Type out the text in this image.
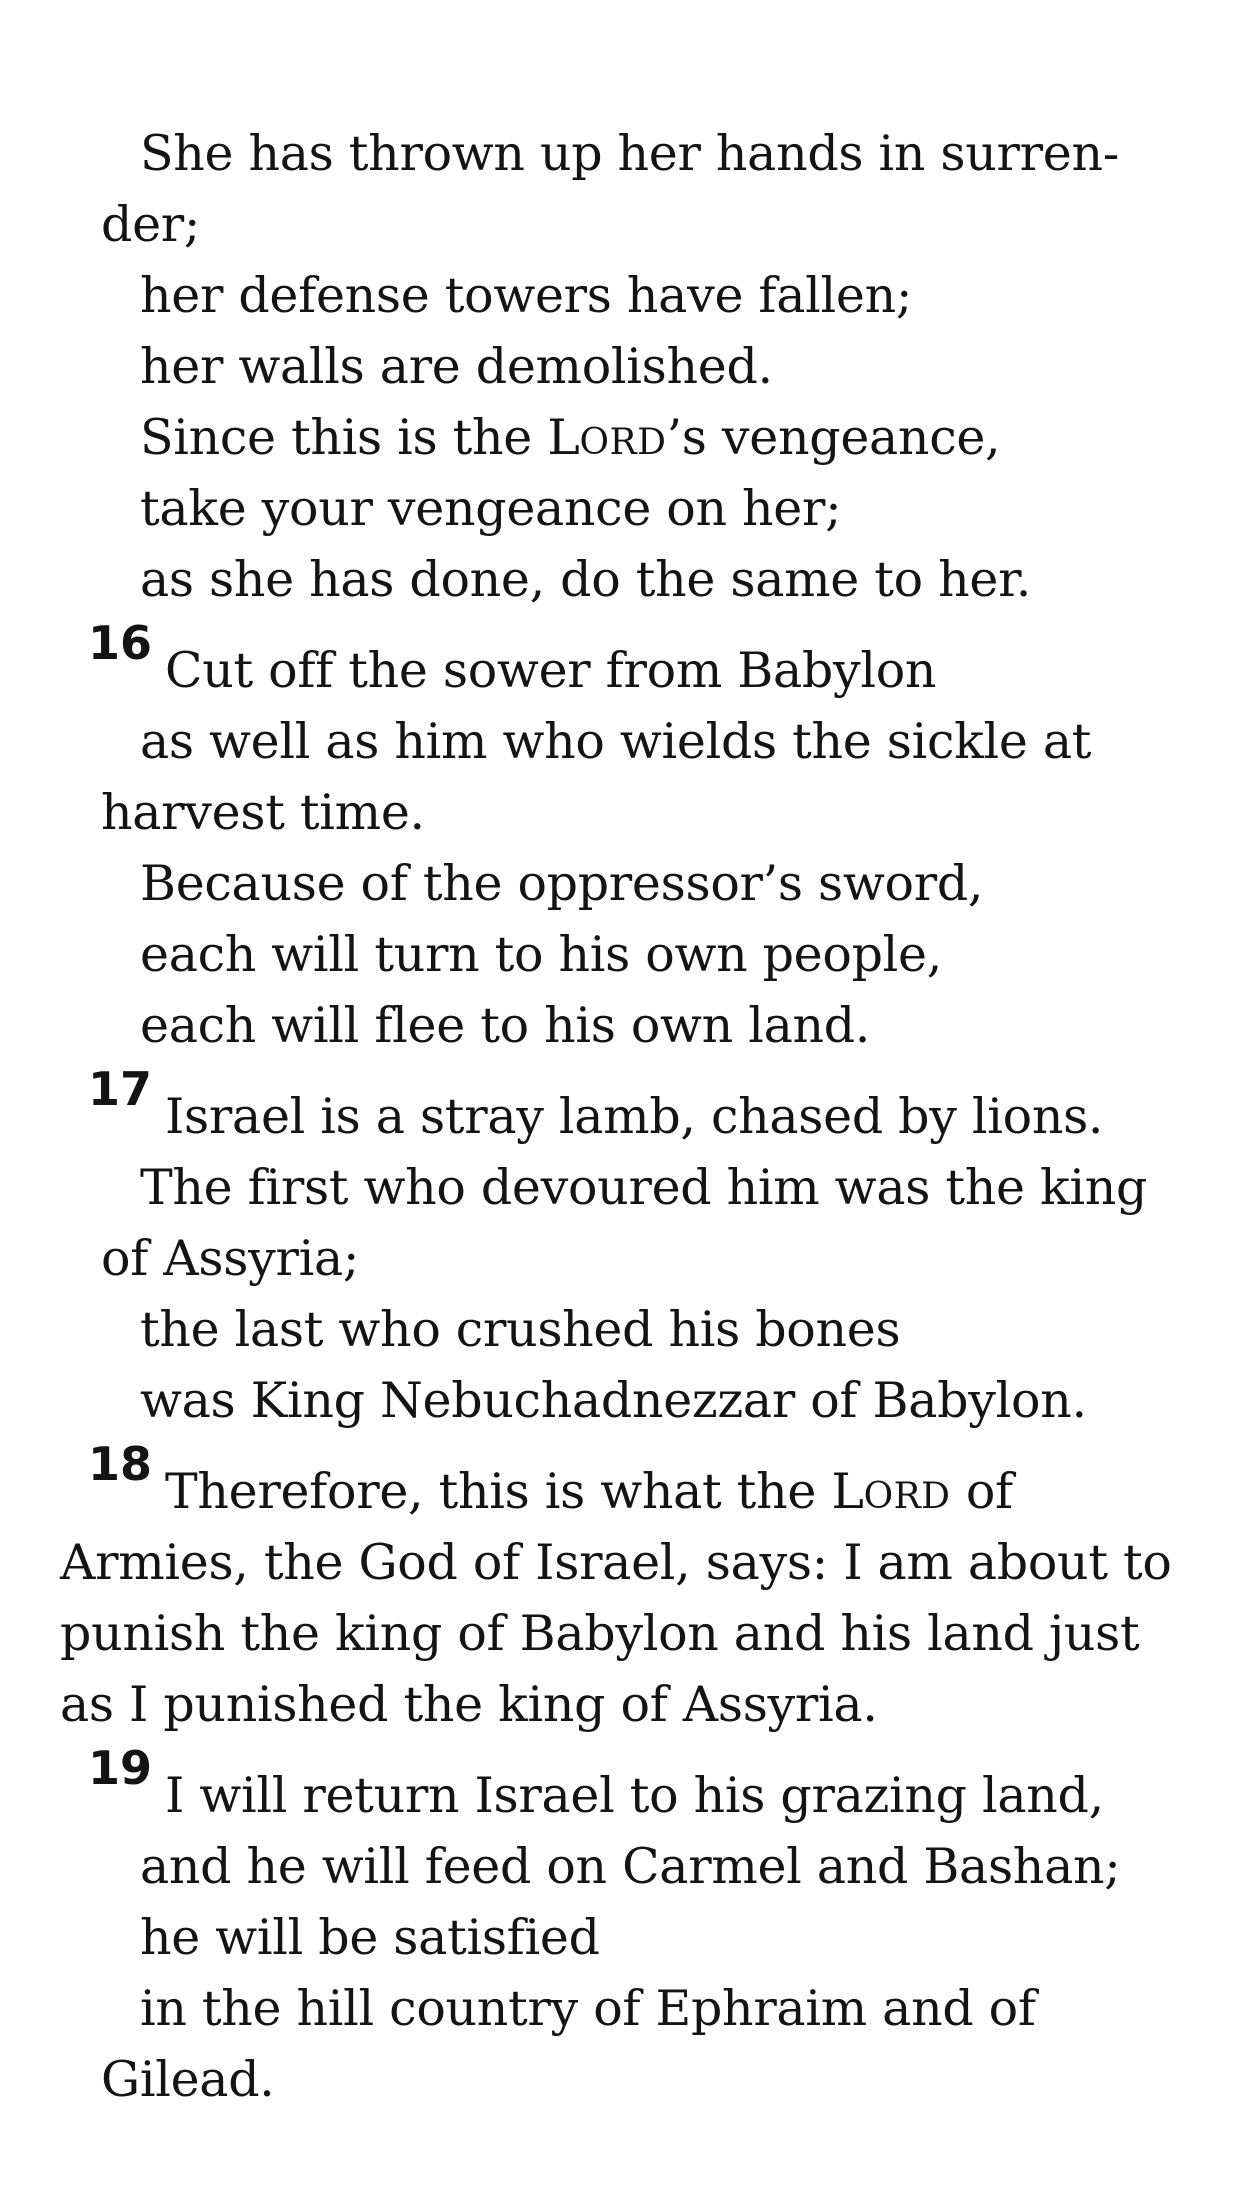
She has thrown up her hands in surren-
der;
her defense towers have fallen;
her walls are demolished.
Since this is the LORD’s vengeance,
take your vengeance on her;
as she has done, do the same to her.
16 Cut off the sower from Babylon
as well as him who wields the sickle at
harvest time.
Because of the oppressor’s sword,
each will turn to his own people,
each will flee to his own land.
17 Israel is a stray lamb, chased by lions.
The first who devoured him was the king
of Assyria;
the last who crushed his bones
was King Nebuchadnezzar of Babylon.
18 Therefore, this is what the LORD of
Armies, the God of Israel, says: I am about to
punish the king of Babylon and his land just
as I punished the king of Assyria.
19 I will return Israel to his grazing land,
and he will feed on Carmel and Bashan;
he will be satisfied
in the hill country of Ephraim and of
Gilead.
